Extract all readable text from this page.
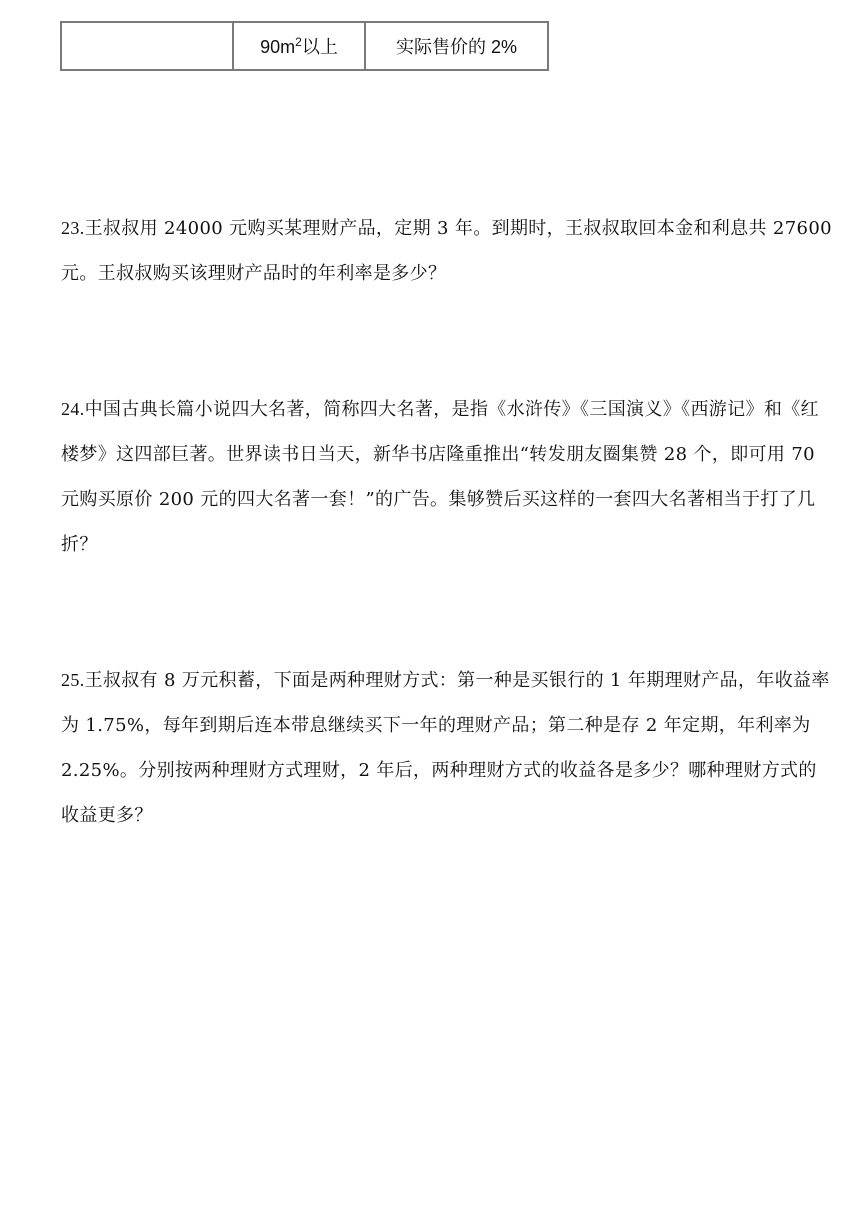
	$90m^2$以上	实际售价的 2%

23.王叔叔用 24000 元购买某理财产品，定期 3 年。到期时，王叔叔取回本金和利息共 27600 元。王叔叔购买该理财产品时的年利率是多少？

24.中国古典长篇小说四大名著，简称四大名著，是指《水浒传》《三国演义》《西游记》和《红楼梦》这四部巨著。世界读书日当天，新华书店隆重推出“转发朋友圈集赞 28 个，即可用 70 元购买原价 200 元的四大名著一套！”的广告。集够赞后买这样的一套四大名著相当于打了几折？

25.王叔叔有 8 万元积蓄，下面是两种理财方式：第一种是买银行的 1 年期理财产品，年收益率为 1.75%，每年到期后连本带息继续买下一年的理财产品；第二种是存 2 年定期，年利率为 2.25%。分别按两种理财方式理财，2 年后，两种理财方式的收益各是多少？哪种理财方式的收益更多？
